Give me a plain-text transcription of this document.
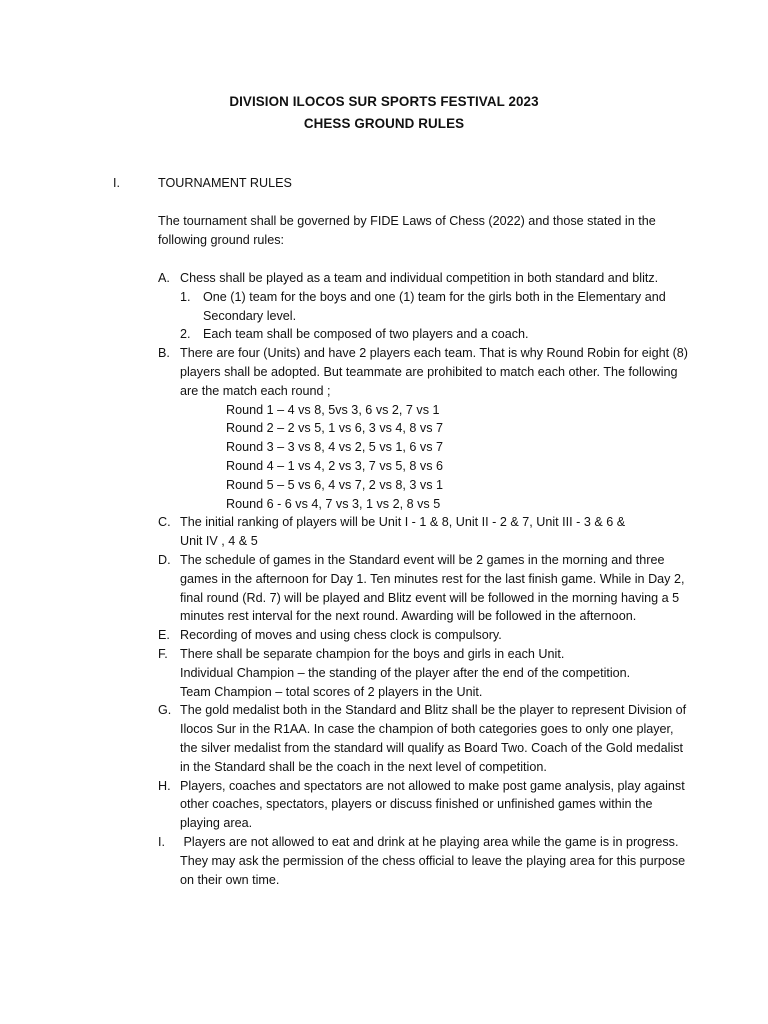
DIVISION ILOCOS SUR SPORTS FESTIVAL 2023
CHESS GROUND RULES
I.	TOURNAMENT RULES
The tournament shall be governed by FIDE Laws of Chess (2022) and those stated in the following ground rules:
A. Chess shall be played as a team and individual competition in both standard and blitz.
1. One (1) team for the boys and one (1) team for the girls both in the Elementary and Secondary level.
2. Each team shall be composed of two players and a coach.
B. There are four (Units) and have 2 players each team. That is why Round Robin for eight (8) players shall be adopted. But teammate are prohibited to match each other. The following are the match each round ;
Round 1 – 4 vs 8, 5vs 3, 6 vs 2, 7 vs 1
Round 2 – 2 vs 5, 1 vs 6, 3 vs 4, 8 vs 7
Round 3 – 3 vs 8, 4 vs 2, 5 vs 1, 6 vs 7
Round 4 – 1 vs 4, 2 vs 3, 7 vs 5, 8 vs 6
Round 5 – 5 vs 6, 4 vs 7, 2 vs 8, 3 vs 1
Round 6 - 6 vs 4, 7 vs 3, 1 vs 2, 8 vs 5
C. The initial ranking of players will be Unit I - 1 & 8, Unit II - 2 & 7, Unit III - 3 & 6 & Unit IV , 4 & 5
D. The schedule of games in the Standard event will be 2 games in the morning and three games in the afternoon for Day 1. Ten minutes rest for the last finish game. While in Day 2, final round (Rd. 7) will be played and Blitz event will be followed in the morning having a 5 minutes rest interval for the next round. Awarding will be followed in the afternoon.
E. Recording of moves and using chess clock is compulsory.
F. There shall be separate champion for the boys and girls in each Unit.
Individual Champion – the standing of the player after the end of the competition.
Team Champion – total scores of 2 players in the Unit.
G. The gold medalist both in the Standard and Blitz shall be the player to represent Division of Ilocos Sur in the R1AA. In case the champion of both categories goes to only one player, the silver medalist from the standard will qualify as Board Two. Coach of the Gold medalist in the Standard shall be the coach in the next level of competition.
H. Players, coaches and spectators are not allowed to make post game analysis, play against other coaches, spectators, players or discuss finished or unfinished games within the playing area.
I.	Players are not allowed to eat and drink at he playing area while the game is in progress. They may ask the permission of the chess official to leave the playing area for this purpose on their own time.
